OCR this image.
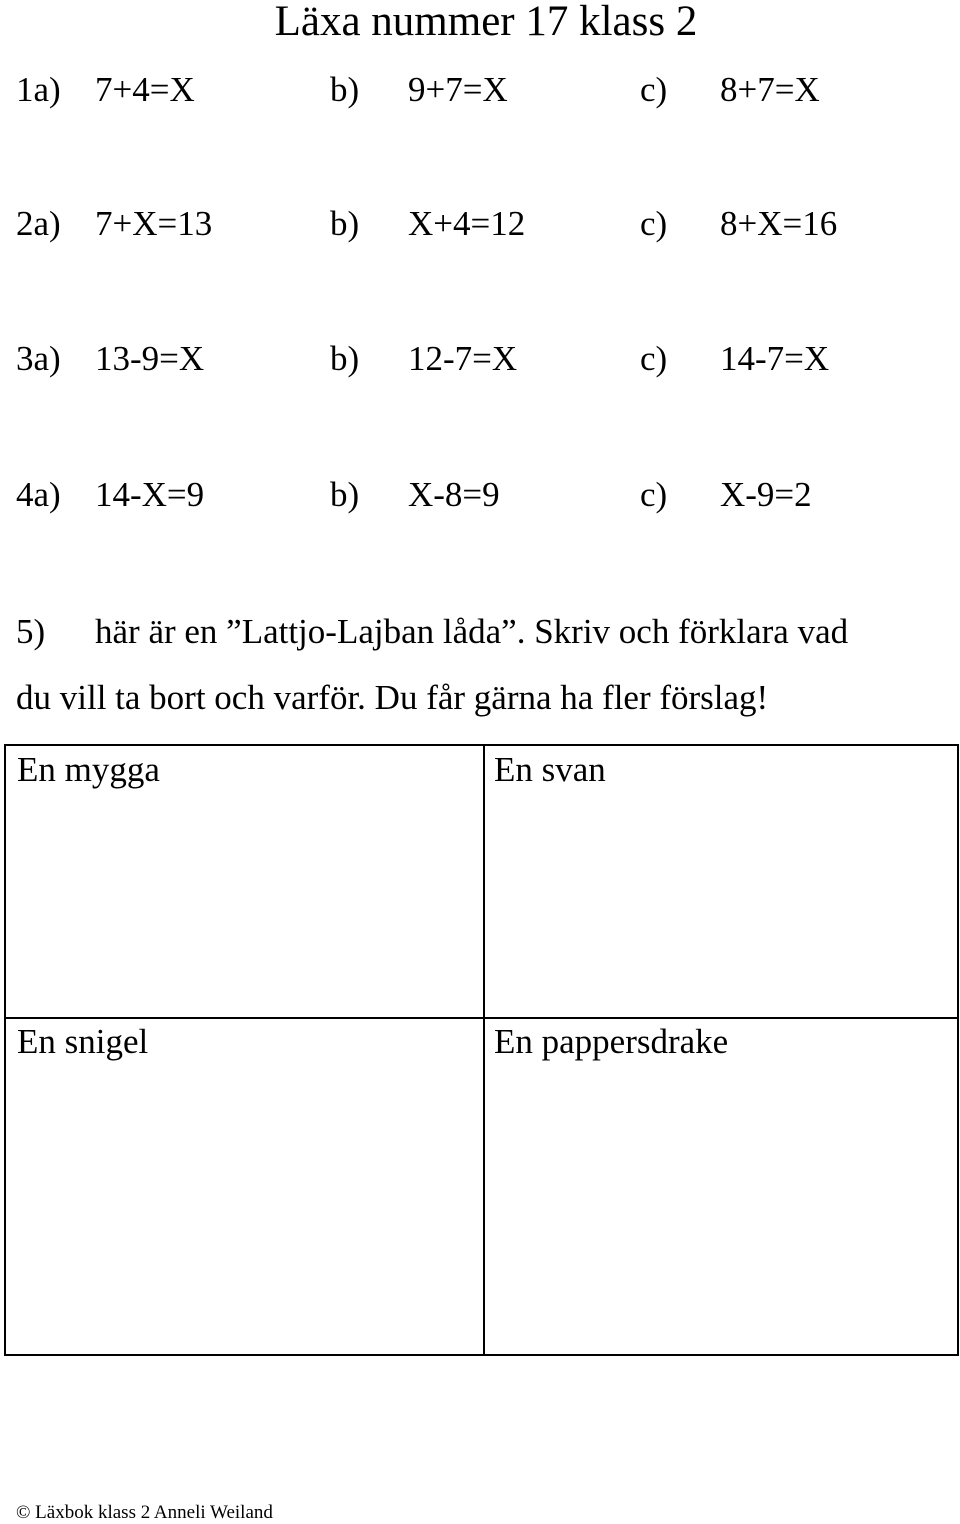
Läxa nummer 17 klass 2
1a) 7+4=X	b) 9+7=X	c) 8+7=X
2a) 7+X=13	b) X+4=12	c) 8+X=16
3a) 13-9=X	b) 12-7=X	c) 14-7=X
4a) 14-X=9	b) X-8=9	c) X-9=2
5) här är en ”Lattjo-Lajban låda”. Skriv och förklara vad
du vill ta bort och varför. Du får gärna ha fler förslag!
En mygga	En svan
En snigel	En pappersdrake
© Läxbok klass 2 Anneli Weiland
